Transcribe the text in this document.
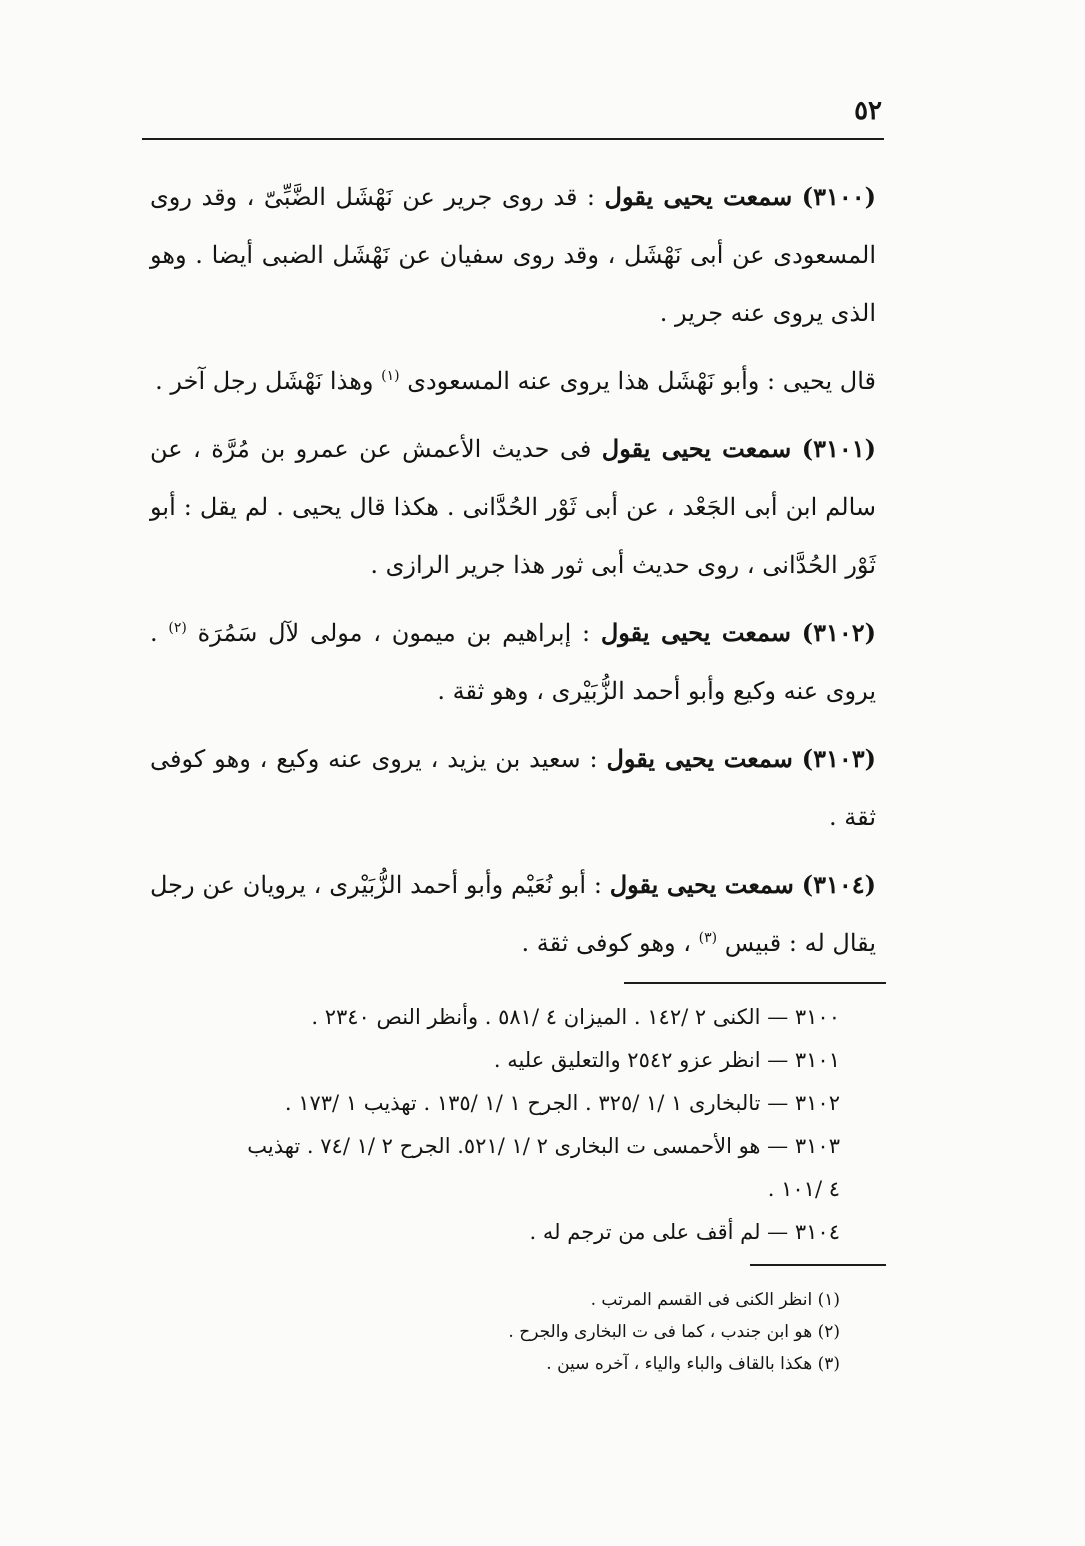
٥٢

(٣١٠٠) سمعت يحيى يقول : قد روى جرير عن نَهْشَل الضَّبِّىّ ، وقد روى المسعودى عن أبى نَهْشَل ، وقد روى سفيان عن نَهْشَل الضبى أيضا . وهو الذى يروى عنه جرير .

قال يحيى : وأبو نَهْشَل هذا يروى عنه المسعودى $^{(١)}$ وهذا نَهْشَل رجل آخر .

(٣١٠١) سمعت يحيى يقول فى حديث الأعمش عن عمرو بن مُرَّة ، عن سالم ابن أبى الجَعْد ، عن أبى ثَوْر الحُدَّانى . هكذا قال يحيى . لم يقل : أبو ثَوْر الحُدَّانى ، روى حديث أبى ثور هذا جرير الرازى .

(٣١٠٢) سمعت يحيى يقول : إبراهيم بن ميمون ، مولى لآل سَمُرَة $^{(٢)}$ . يروى عنه وكيع وأبو أحمد الزُّبَيْرى ، وهو ثقة .

(٣١٠٣) سمعت يحيى يقول : سعيد بن يزيد ، يروى عنه وكيع ، وهو كوفى ثقة .

(٣١٠٤) سمعت يحيى يقول : أبو نُعَيْم وأبو أحمد الزُّبَيْرى ، يرويان عن رجل يقال له : قبيس $^{(٣)}$ ، وهو كوفى ثقة .

٣١٠٠ — الكنى ٢ /١٤٢ . الميزان ٤ /٥٨١ . وأنظر النص ٢٣٤٠ .
٣١٠١ — انظر عزو ٢٥٤٢ والتعليق عليه .
٣١٠٢ — تالبخارى ١ /١ /٣٢٥ . الجرح ١ /١ /١٣٥ . تهذيب ١ /١٧٣ .
٣١٠٣ — هو الأحمسى ت البخارى ٢ /١ /٥٢١. الجرح ٢ /١ /٧٤ . تهذيب
٤ /١٠١ .
٣١٠٤ — لم أقف على من ترجم له .
(١) انظر الكنى فى القسم المرتب .
(٢) هو ابن جندب ، كما فى ت البخارى والجرح .
(٣) هكذا بالقاف والباء والياء ، آخره سين .
